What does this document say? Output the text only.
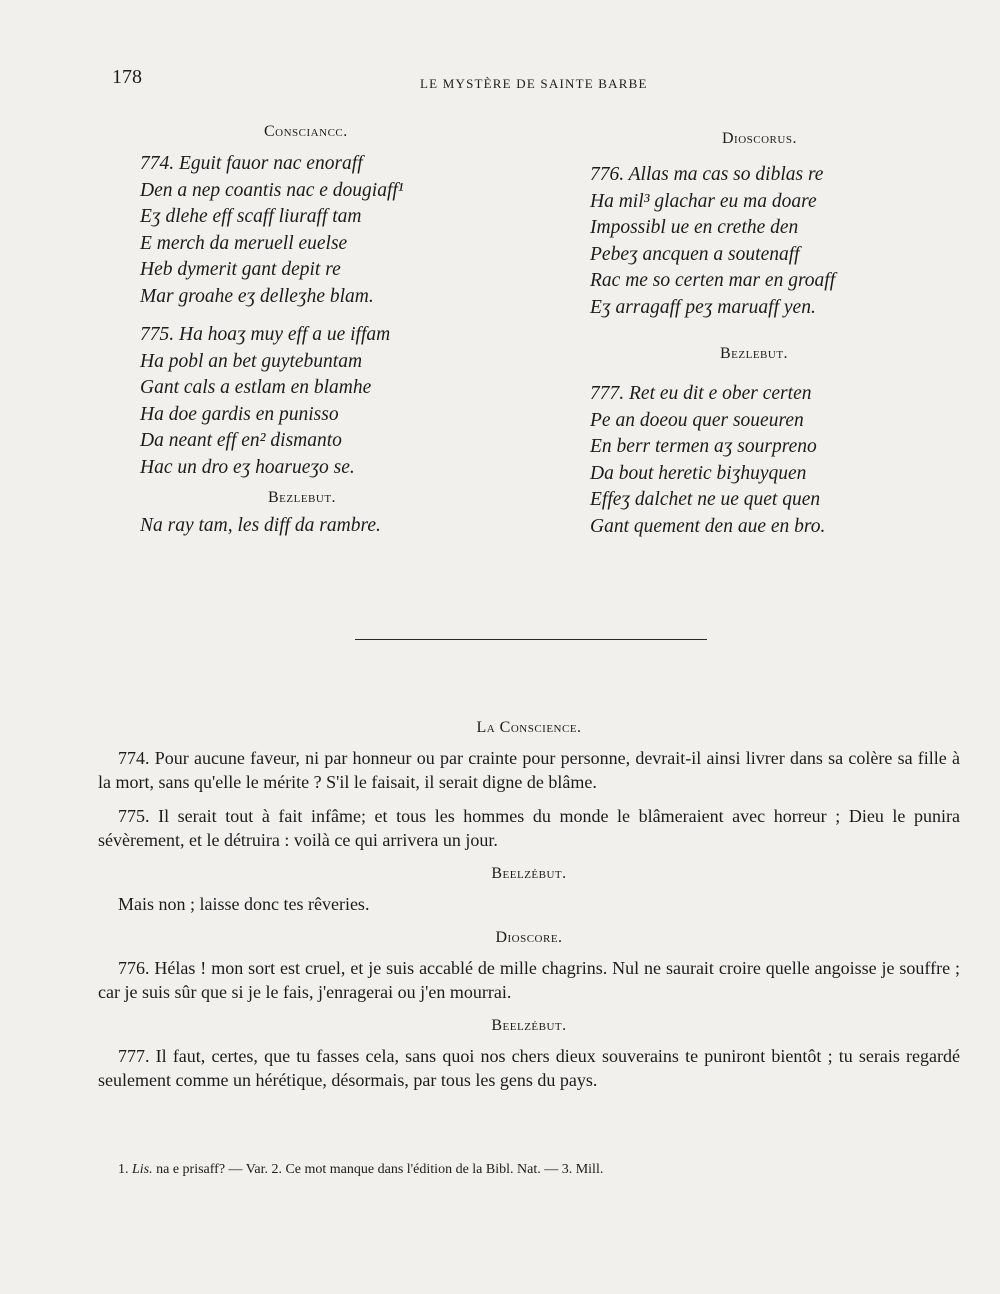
178	LE MYSTÈRE DE SAINTE BARBE
Consciancc.
774. Eguit fauor nac enoraff
Den a nep coantis nac e dougiaff¹
Eʒ dlehe eff scaff liuraff tam
E merch da meruell euelse
Heb dymerit gant depit re
Mar groahe eʒ delleʒhe blam.
775. Ha hoaʒ muy eff a ue iffam
Ha pobl an bet guytebuntam
Gant cals a estlam en blamhe
Ha doe gardis en punisso
Da neant eff en² dismanto
Hac un dro eʒ hoarueʒo se.
Bezlebut.
Na ray tam, les diff da rambre.
Dioscorus.
776. Allas ma cas so diblas re
Ha mil³ glachar eu ma doare
Impossibl ue en crethe den
Pebeʒ ancquen a soutenaff
Rac me so certen mar en groaff
Eʒ arragaff peʒ maruaff yen.
Bezlebut.
777. Ret eu dit e ober certen
Pe an doeou quer soueuren
En berr termen aʒ sourpreno
Da bout heretic biʒhuyquen
Effeʒ dalchet ne ue quet quen
Gant quement den aue en bro.
La Conscience.

774. Pour aucune faveur, ni par honneur ou par crainte pour personne, devrait-il ainsi livrer dans sa colère sa fille à la mort, sans qu'elle le mérite ? S'il le faisait, il serait digne de blâme.

775. Il serait tout à fait infâme; et tous les hommes du monde le blâmeraient avec horreur ; Dieu le punira sévèrement, et le détruira : voilà ce qui arrivera un jour.

Beelzébut.

Mais non ; laisse donc tes rêveries.

Dioscore.

776. Hélas ! mon sort est cruel, et je suis accablé de mille chagrins. Nul ne saurait croire quelle angoisse je souffre ; car je suis sûr que si je le fais, j'enragerai ou j'en mourrai.

Beelzébut.

777. Il faut, certes, que tu fasses cela, sans quoi nos chers dieux souverains te puniront bientôt ; tu serais regardé seulement comme un hérétique, désormais, par tous les gens du pays.

1. Lis. na e prisaff? — Var. 2. Ce mot manque dans l'édition de la Bibl. Nat. — 3. Mill.
